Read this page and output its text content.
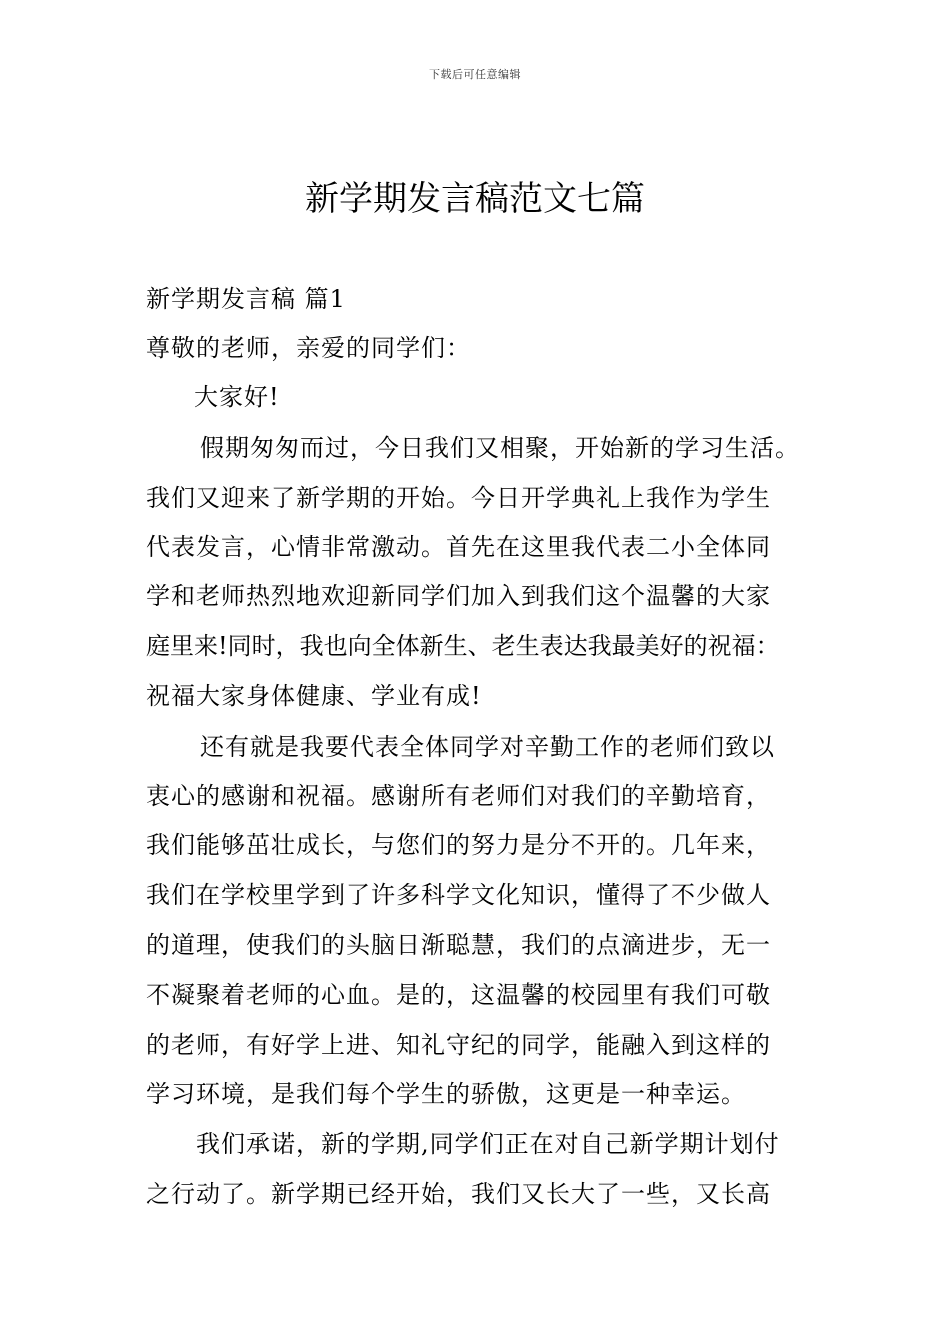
下载后可任意编辑
新学期发言稿范文七篇
新学期发言稿 篇1
尊敬的老师，亲爱的同学们：
大家好!
假期匆匆而过，今日我们又相聚，开始新的学习生活。
我们又迎来了新学期的开始。今日开学典礼上我作为学生
代表发言，心情非常激动。首先在这里我代表二小全体同
学和老师热烈地欢迎新同学们加入到我们这个温馨的大家
庭里来!同时，我也向全体新生、老生表达我最美好的祝福：
祝福大家身体健康、学业有成!
还有就是我要代表全体同学对辛勤工作的老师们致以
衷心的感谢和祝福。感谢所有老师们对我们的辛勤培育，
我们能够茁壮成长，与您们的努力是分不开的。几年来，
我们在学校里学到了许多科学文化知识，懂得了不少做人
的道理，使我们的头脑日渐聪慧，我们的点滴进步，无一
不凝聚着老师的心血。是的，这温馨的校园里有我们可敬
的老师，有好学上进、知礼守纪的同学，能融入到这样的
学习环境，是我们每个学生的骄傲，这更是一种幸运。
我们承诺，新的学期,同学们正在对自己新学期计划付
之行动了。新学期已经开始，我们又长大了一些，又长高
